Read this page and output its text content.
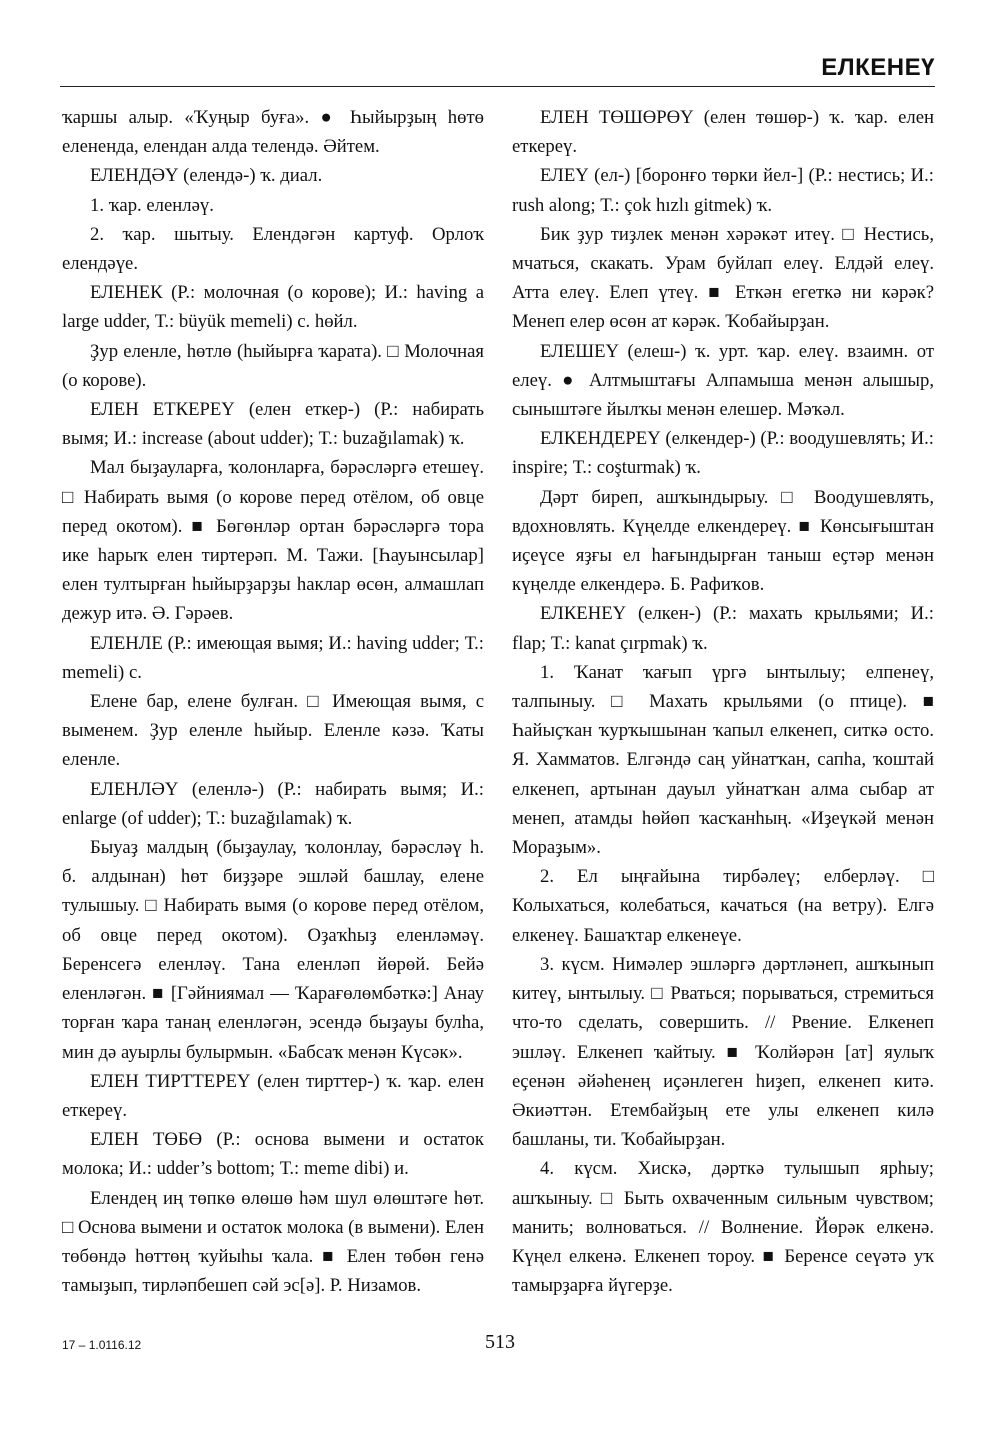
ЕЛКЕНЕҮ

ҡаршы алыр. «Ҡуңыр буға». ● Һыйырҙың һөтө елененда, елендан алда телендә. Әйтем.

ЕЛЕНДӘҮ (елендә-) ҡ. диал.

1. ҡар. еленләү.

2. ҡар. шытыу. Елендәгән картуф. Орлоҡ елендәүе.

ЕЛЕНЕК (Р.: молочная (о корове); И.: having a large udder, Т.: büyük memeli) с. һөйл.

Ҙур еленле, һөтлө (һыйырға ҡарата). □ Молочная (о корове).

ЕЛЕН ЕТКЕРЕҮ (елен еткер-) (Р.: набирать вымя; И.: increase (about udder); Т.: buzağılamak) ҡ.

Мал быҙауларға, ҡолонларға, бәрәсләргә етешеү. □ Набирать вымя (о корове перед отёлом, об овце перед окотом). ■ Бөгөнләр ортан бәрәсләргә тора ике һарыҡ елен тиртерәп. М. Тажи. [Һауынсылар] елен тултырған һыйырҙарҙы һаклар өсөн, алмашлап дежур итә. Ә. Гәрәев.

ЕЛЕНЛЕ (Р.: имеющая вымя; И.: having udder; Т.: memeli) с.

Елене бар, елене булған. □ Имеющая вымя, с выменем. Ҙур еленле һыйыр. Еленле кәзә. Ҡаты еленле.

ЕЛЕНЛӘҮ (еленлә-) (Р.: набирать вымя; И.: enlarge (of udder); Т.: buzağılamak) ҡ.

Быуаҙ малдың (быҙаулау, ҡолонлау, бәрәсләү һ. б. алдынан) һөт биҙҙәре эшләй башлау, елене тулышыу. □ Набирать вымя (о корове перед отёлом, об овце перед окотом). Оҙаҡһыҙ еленләмәү. Беренсегә еленләү. Тана еленләп йөрөй. Бейә еленләгән. ■ [Гәйниямал — Ҡарағөлөмбәткә:] Анау торған ҡара танаң еленләгән, эсендә быҙауы булһа, мин дә ауырлы булырмын. «Бабсаҡ менән Күсәк».

ЕЛЕН ТИРТТЕРЕҮ (елен тирттер-) ҡ. ҡар. елен еткереү.

ЕЛЕН ТӨБӨ (Р.: основа вымени и остаток молока; И.: udder’s bottom; Т.: meme dibi) и.

Елендең иң төпкө өлөшө һәм шул өлөштәге һөт. □ Основа вымени и остаток молока (в вымени). Елен төбөндә һөттөң ҡуйыһы ҡала. ■ Елен төбөн генә тамыҙып, тирләпбешеп сәй эс[ә]. Р. Низамов.

ЕЛЕН ТӨШӨРӨҮ (елен төшөр-) ҡ. ҡар. елен еткереү.

ЕЛЕҮ (ел-) [боронғо төрки йел-] (Р.: нестись; И.: rush along; Т.: çok hızlı gitmek) ҡ.

Бик ҙур тиҙлек менән хәрәкәт итеү. □ Нестись, мчаться, скакать. Урам буйлап елеү. Елдәй елеү. Атта елеү. Елеп үтеү. ■ Еткән егеткә ни кәрәк? Менеп елер өсөн ат кәрәк. Ҡобайырҙан.

ЕЛЕШЕҮ (елеш-) ҡ. урт. ҡар. елеү. взаимн. от елеү. ● Алтмыштағы Алпамыша менән алышыр, сыныштәге йылҡы менән елешер. Мәҡәл.

ЕЛКЕНДЕРЕҮ (елкендер-) (Р.: воодушевлять; И.: inspire; Т.: coşturmak) ҡ.

Дәрт биреп, ашҡындырыу. □ Воодушевлять, вдохновлять. Күңелде елкендереү. ■ Көнсығыштан иҫеүсе яҙғы ел һағындырған таныш еҫтәр менән күңелде елкендерә. Б. Рафиҡов.

ЕЛКЕНЕҮ (елкен-) (Р.: махать крыльями; И.: flap; Т.: kanat çırpmak) ҡ.

1. Ҡанат ҡағып үргә ынтылыу; елпенеү, талпыныу. □ Махать крыльями (о птице). ■ Һайыҫҡан ҡурҡышынан ҡапыл елкенеп, ситкә осто. Я. Хамматов. Елгәндә саң уйнатҡан, сапһа, ҡоштай елкенеп, артынан дауыл уйнатҡан алма сыбар ат менеп, атамды һөйөп ҡасҡанһың. «Иҙеүкәй менән Мораҙым».

2. Ел ыңғайына тирбәлеү; елберләү. □ Колыхаться, колебаться, качаться (на ветру). Елгә елкенеү. Башаҡтар елкенеүе.

3. күсм. Нимәлер эшләргә дәртләнеп, ашҡынып китеү, ынтылыу. □ Рваться; порываться, стремиться что-то сделать, совершить. // Рвение. Елкенеп эшләү. Елкенеп ҡайтыу. ■ Ҡолйәрән [ат] яулыҡ еҫенән әйәһенең иҫәнлеген һиҙеп, елкенеп китә. Әкиәттән. Етембайҙың ете улы елкенеп килә башланы, ти. Ҡобайырҙан.

4. күсм. Хискә, дәрткә тулышып ярһыу; ашҡыныу. □ Быть охваченным сильным чувством; манить; волноваться. // Волнение. Йөрәк елкенә. Күңел елкенә. Елкенеп тороу. ■ Беренсе сеүәтә уҡ тамырҙарға йүгерҙе.

17 – 1.0116.12	513
